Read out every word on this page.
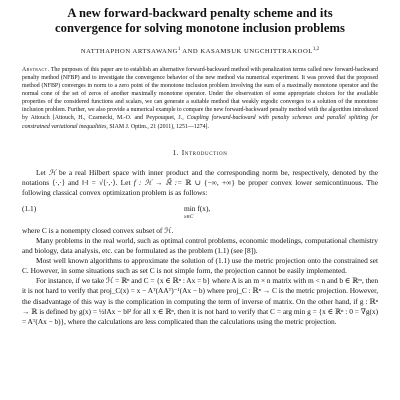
A new forward-backward penalty scheme and its
convergence for solving monotone inclusion problems
NATTHAPHON ARTSAWANG$^1$ AND KASAMSUK UNGCHITTRAKOOL$^{1,2}$

Abstract. The purposes of this paper are to establish an alternative forward-backward method with penalization terms called new forward-backward penalty method (NFBP) and to investigate the convergence behavior of the new method via numerical experiment. It was proved that the proposed method (NFBP) converges in norm to a zero point of the monotone inclusion problem involving the sum of a maximally monotone operator and the normal cone of the set of zeros of another maximally monotone operator. Under the observation of some appropriate choices for the available properties of the considered functions and scalars, we can generate a suitable method that weakly ergodic converges to a solution of the monotone inclusion problem. Further, we also provide a numerical example to compare the new forward-backward penalty method with the algorithm introduced by Attouch [Attouch, H., Czarnecki, M.-O. and Peypouquet, J., Coupling forward-backward with penalty schemes and parallel splitting for constrained variational inequalities, SIAM J. Optim., 21 (2011), 1251—1274].

1. Introduction

Let ℋ be a real Hilbert space with inner product and the corresponding norm be, respectively, denoted by the notations ⟨·,·⟩ and ‖·‖ = √⟨·,·⟩. Let f : ℋ → ℝ̄ := ℝ ∪ {−∞, +∞} be proper convex lower semicontinuous. The following classical convex optimization problem is as follows:

(1.1)	min f(x),
x∈C

where C is a nonempty closed convex subset of ℋ.

Many problems in the real world, such as optimal control problems, economic modelings, computational chemistry and biology, data analysis, etc. can be formulated as the problem (1.1) (see [8]).

Most well known algorithms to approximate the solution of (1.1) use the metric projection onto the constrained set C. However, in some situations such as set C is not simple form, the projection cannot be easily implemented.

For instance, if we take ℋ = ℝⁿ and C = {x ∈ ℝⁿ : Ax = b} where A is an m × n matrix with m < n and b ∈ ℝᵐ, then it is not hard to verify that proj_C(x) = x − Aᵀ(AAᵀ)⁻¹(Ax − b) where proj_C : ℝⁿ → C is the metric projection. However, the disadvantage of this way is the complication in computing the term of inverse of matrix. On the other hand, if g : ℝⁿ → ℝ is defined by g(x) = ½‖Ax − b‖² for all x ∈ ℝⁿ, then it is not hard to verify that C = arg min g = {x ∈ ℝⁿ : 0 = ∇g(x) = Aᵀ(Ax − b)}, where the calculations are less complicated than the calculations using the metric projection.
